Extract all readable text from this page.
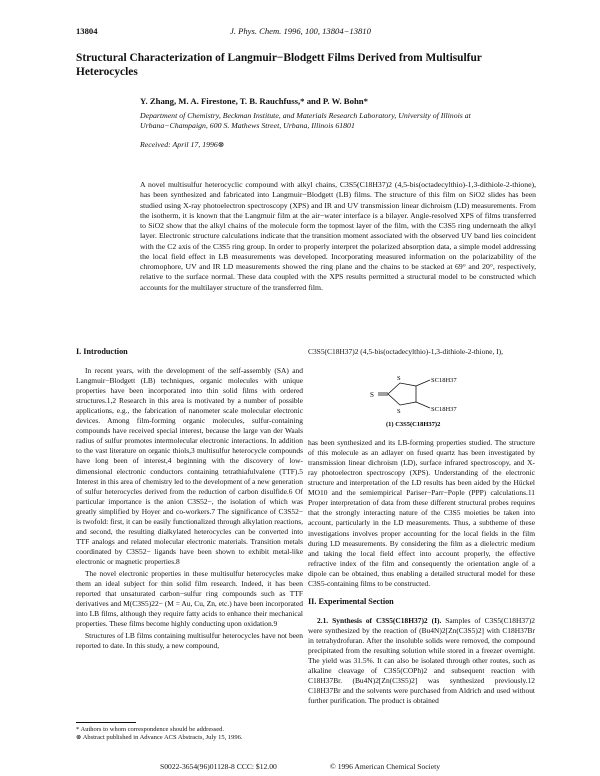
13804	J. Phys. Chem. 1996, 100, 13804−13810
Structural Characterization of Langmuir−Blodgett Films Derived from Multisulfur Heterocycles
Y. Zhang, M. A. Firestone, T. B. Rauchfuss,* and P. W. Bohn*
Department of Chemistry, Beckman Institute, and Materials Research Laboratory, University of Illinois at Urbana−Champaign, 600 S. Mathews Street, Urbana, Illinois 61801
Received: April 17, 1996⊗
A novel multisulfur heterocyclic compound with alkyl chains, C3S5(C18H37)2 (4,5-bis(octadecylthio)-1,3-dithiole-2-thione), has been synthesized and fabricated into Langmuir−Blodgett (LB) films. The structure of this film on SiO2 slides has been studied using X-ray photoelectron spectroscopy (XPS) and IR and UV transmission linear dichroism (LD) measurements. From the isotherm, it is known that the Langmuir film at the air−water interface is a bilayer. Angle-resolved XPS of films transferred to SiO2 show that the alkyl chains of the molecule form the topmost layer of the film, with the C3S5 ring underneath the alkyl layer. Electronic structure calculations indicate that the transition moment associated with the observed UV band lies coincident with the C2 axis of the C3S5 ring group. In order to properly interpret the polarized absorption data, a simple model addressing the local field effect in LB measurements was developed. Incorporating measured information on the polarizability of the chromophore, UV and IR LD measurements showed the ring plane and the chains to be stacked at 69° and 20°, respectively, relative to the surface normal. These data coupled with the XPS results permitted a structural model to be constructed which accounts for the multilayer structure of the transferred film.
I. Introduction

In recent years, with the development of the self-assembly (SA) and Langmuir−Blodgett (LB) techniques, organic molecules with unique properties have been incorporated into thin solid films with ordered structures.1,2 Research in this area is motivated by a number of possible applications, e.g., the fabrication of nanometer scale molecular electronic devices. Among film-forming organic molecules, sulfur-containing compounds have received special interest, because the large van der Waals radius of sulfur promotes intermolecular electronic interactions. In addition to the vast literature on organic thiols,3 multisulfur heterocycle compounds have long been of interest,4 beginning with the discovery of low-dimensional electronic conductors containing tetrathiafulvalene (TTF).5 Interest in this area of chemistry led to the development of a new generation of sulfur heterocycles derived from the reduction of carbon disulfide.6 Of particular importance is the anion C3S52−, the isolation of which was greatly simplified by Hoyer and co-workers.7 The significance of C3S52− is twofold: first, it can be easily functionalized through alkylation reactions, and second, the resulting dialkylated heterocycles can be converted into TTF analogs and related molecular electronic materials. Transition metals coordinated by C3S52− ligands have been shown to exhibit metal-like electronic or magnetic properties.8

The novel electronic properties in these multisulfur heterocycles make them an ideal subject for thin solid film research. Indeed, it has been reported that unsaturated carbon−sulfur ring compounds such as TTF derivatives and M(C3S5)22− (M = Au, Cu, Zn, etc.) have been incorporated into LB films, although they require fatty acids to enhance their mechanical properties. These films become highly conducting upon oxidation.9

Structures of LB films containing multisulfur heterocycles have not been reported to date. In this study, a new compound,

* Authors to whom correspondence should be addressed.
⊗ Abstract published in Advance ACS Abstracts, July 15, 1996.

C3S5(C18H37)2 (4,5-bis(octadecylthio)-1,3-dithiole-2-thione, I),

S
S
S
SC18H37
SC18H37
(1) C3S5(C18H37)2

has been synthesized and its LB-forming properties studied. The structure of this molecule as an adlayer on fused quartz has been investigated by transmission linear dichroism (LD), surface infrared spectroscopy, and X-ray photoelectron spectroscopy (XPS). Understanding of the electronic structure and interpretation of the LD results has been aided by the Hückel MO10 and the semiempirical Pariser−Parr−Pople (PPP) calculations.11 Proper interpretation of data from these different structural probes requires that the strongly interacting nature of the C3S5 moieties be taken into account, particularly in the LD measurements. Thus, a subtheme of these investigations involves proper accounting for the local fields in the film during LD measurements. By considering the film as a dielectric medium and taking the local field effect into account properly, the effective refractive index of the film and consequently the orientation angle of a dipole can be obtained, thus enabling a detailed structural model for these C3S5-containing films to be constructed.

II. Experimental Section

2.1. Synthesis of C3S5(C18H37)2 (I). Samples of C3S5(C18H37)2 were synthesized by the reaction of (Bu4N)2[Zn(C3S5)2] with C18H37Br in tetrahydrofuran. After the insoluble solids were removed, the compound precipitated from the resulting solution while stored in a freezer overnight. The yield was 31.5%. It can also be isolated through other routes, such as alkaline cleavage of C3S5(COPh)2 and subsequent reaction with C18H37Br. (Bu4N)2[Zn(C3S5)2] was synthesized previously.12 C18H37Br and the solvents were purchased from Aldrich and used without further purification. The product is obtained

S0022-3654(96)01128-8 CCC: $12.00	© 1996 American Chemical Society
